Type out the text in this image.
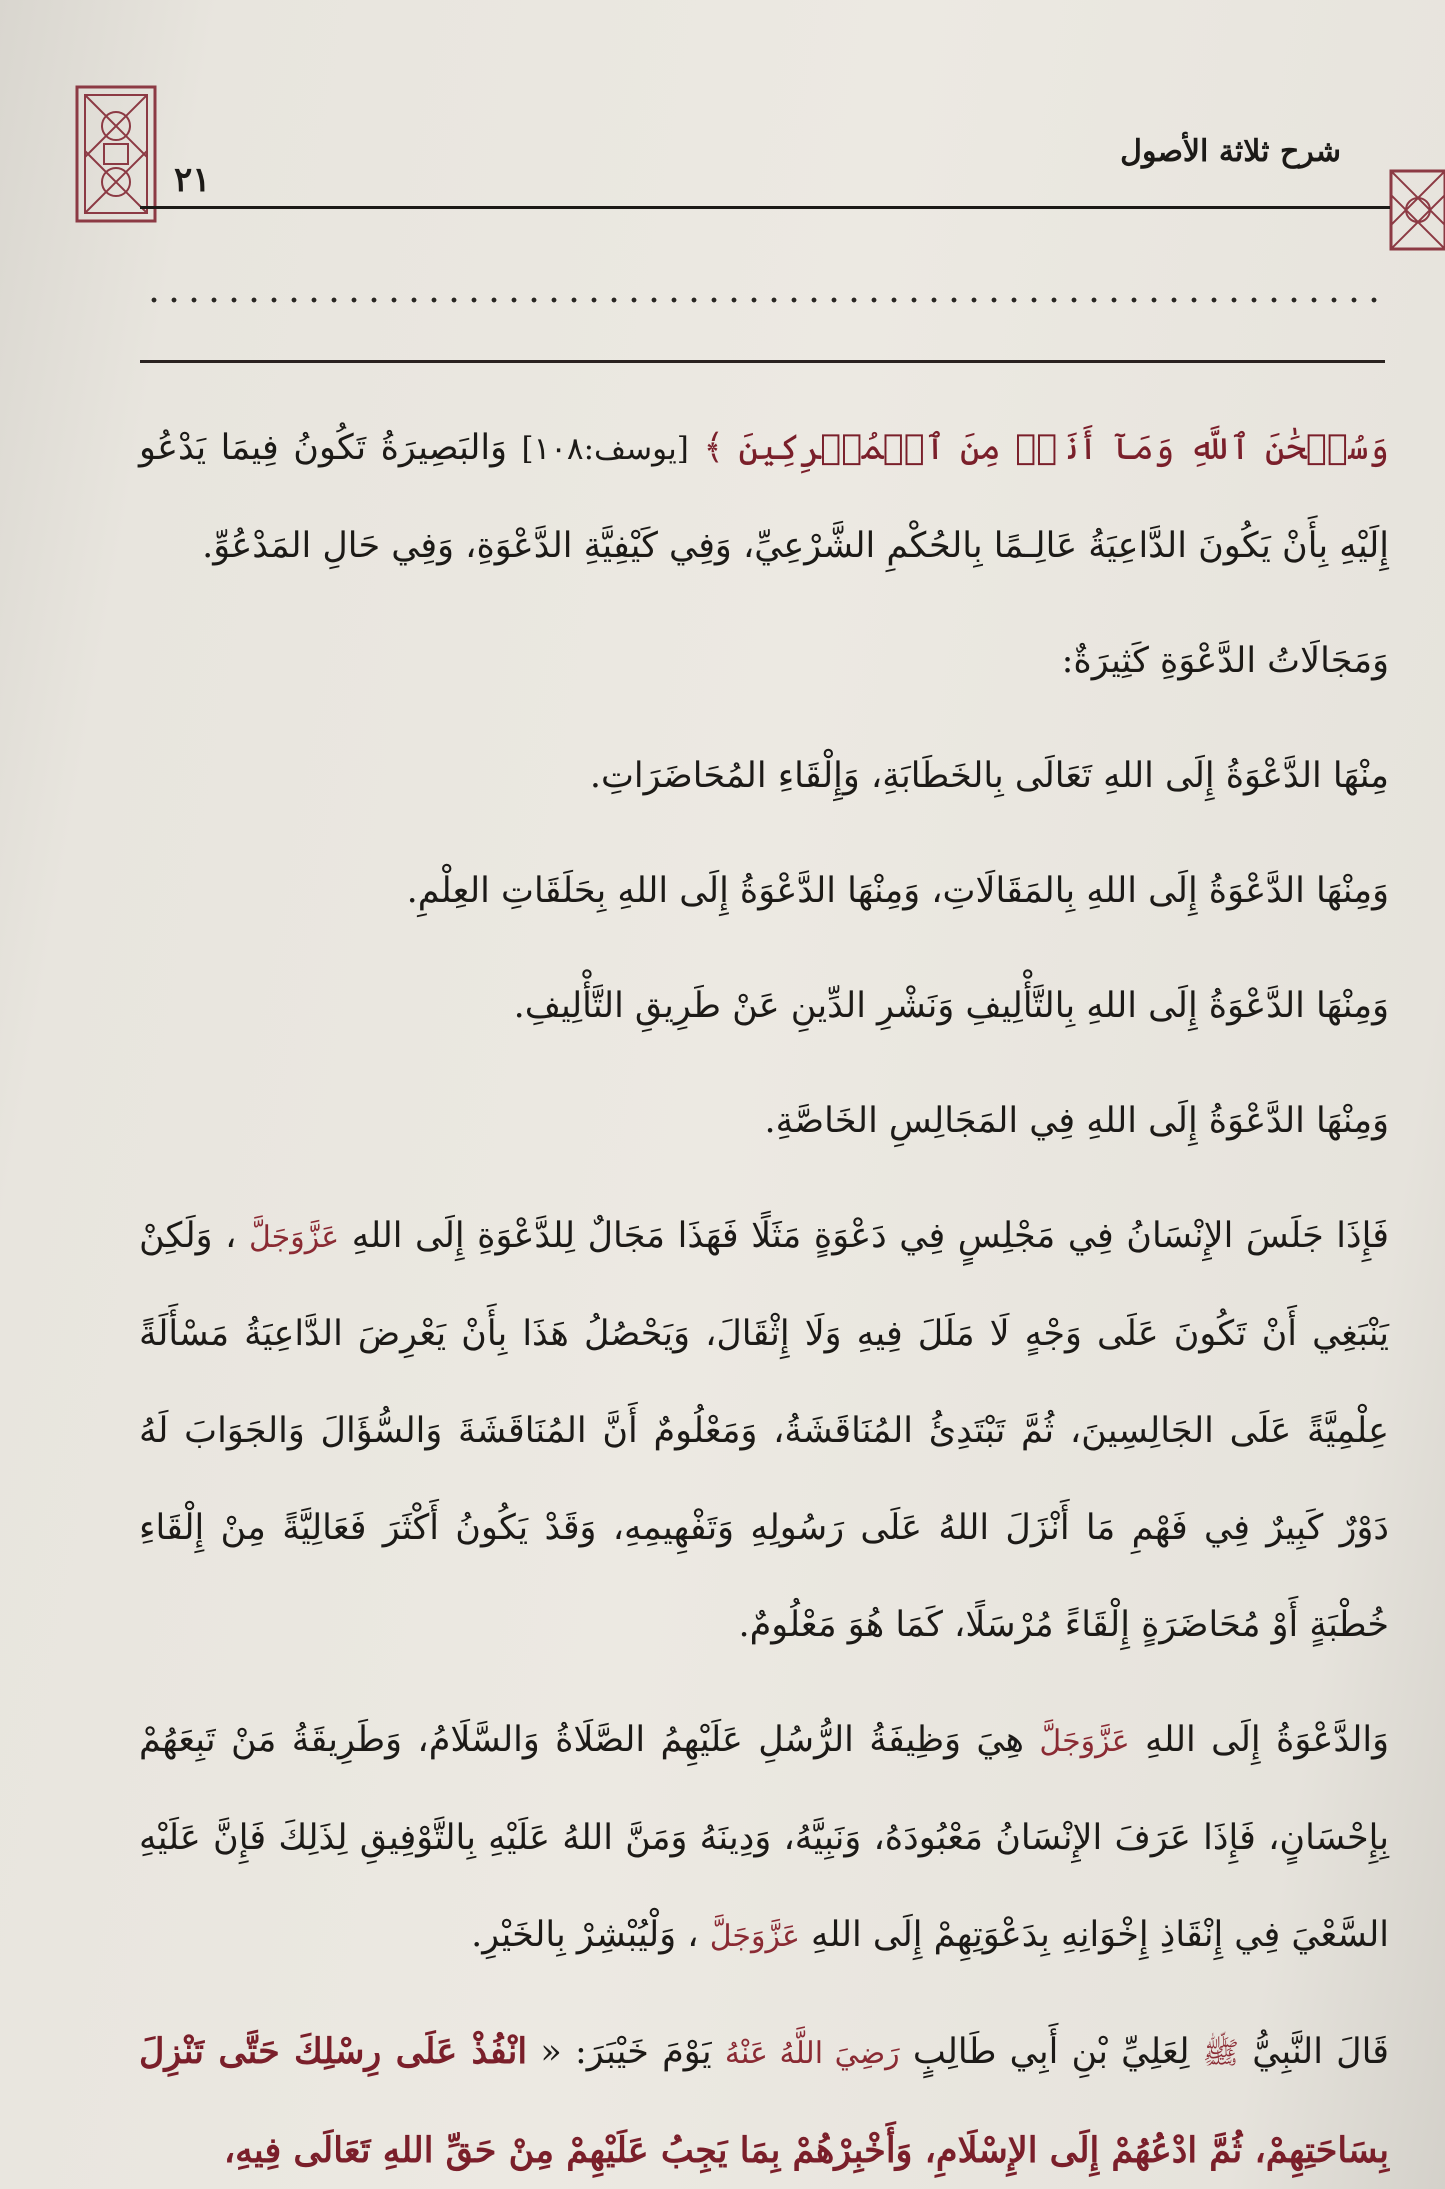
شرح ثلاثة الأصول
٢١

وَسُبۡحَٰنَ ٱللَّهِ وَمَآ أَنَا۠ مِنَ ٱلۡمُشۡرِكِينَ ﴾ [يوسف:١٠٨] وَالبَصِيرَةُ تَكُونُ فِيمَا يَدْعُو إِلَيْهِ بِأَنْ يَكُونَ الدَّاعِيَةُ عَالِـمًا بِالحُكْمِ الشَّرْعِيِّ، وَفِي كَيْفِيَّةِ الدَّعْوَةِ، وَفِي حَالِ المَدْعُوِّ.

وَمَجَالَاتُ الدَّعْوَةِ كَثِيرَةٌ:

مِنْهَا الدَّعْوَةُ إِلَى اللهِ تَعَالَى بِالخَطَابَةِ، وَإِلْقَاءِ المُحَاضَرَاتِ.

وَمِنْهَا الدَّعْوَةُ إِلَى اللهِ بِالمَقَالَاتِ، وَمِنْهَا الدَّعْوَةُ إِلَى اللهِ بِحَلَقَاتِ العِلْمِ.

وَمِنْهَا الدَّعْوَةُ إِلَى اللهِ بِالتَّأْلِيفِ وَنَشْرِ الدِّينِ عَنْ طَرِيقِ التَّأْلِيفِ.

وَمِنْهَا الدَّعْوَةُ إِلَى اللهِ فِي المَجَالِسِ الخَاصَّةِ.

فَإِذَا جَلَسَ الإِنْسَانُ فِي مَجْلِسٍ فِي دَعْوَةٍ مَثَلًا فَهَذَا مَجَالٌ لِلدَّعْوَةِ إِلَى اللهِ عَزَّوَجَلَّ ، وَلَكِنْ يَنْبَغِي أَنْ تَكُونَ عَلَى وَجْهٍ لَا مَلَلَ فِيهِ وَلَا إِثْقَالَ، وَيَحْصُلُ هَذَا بِأَنْ يَعْرِضَ الدَّاعِيَةُ مَسْأَلَةً عِلْمِيَّةً عَلَى الجَالِسِينَ، ثُمَّ تَبْتَدِئُ المُنَاقَشَةُ، وَمَعْلُومٌ أَنَّ المُنَاقَشَةَ وَالسُّؤَالَ وَالجَوَابَ لَهُ دَوْرٌ كَبِيرٌ فِي فَهْمِ مَا أَنْزَلَ اللهُ عَلَى رَسُولِهِ وَتَفْهِيمِهِ، وَقَدْ يَكُونُ أَكْثَرَ فَعَالِيَّةً مِنْ إِلْقَاءِ خُطْبَةٍ أَوْ مُحَاضَرَةٍ إِلْقَاءً مُرْسَلًا، كَمَا هُوَ مَعْلُومٌ.

وَالدَّعْوَةُ إِلَى اللهِ عَزَّوَجَلَّ هِيَ وَظِيفَةُ الرُّسُلِ عَلَيْهِمُ الصَّلَاةُ وَالسَّلَامُ، وَطَرِيقَةُ مَنْ تَبِعَهُمْ بِإِحْسَانٍ، فَإِذَا عَرَفَ الإِنْسَانُ مَعْبُودَهُ، وَنَبِيَّهُ، وَدِينَهُ وَمَنَّ اللهُ عَلَيْهِ بِالتَّوْفِيقِ لِذَلِكَ فَإِنَّ عَلَيْهِ السَّعْيَ فِي إِنْقَاذِ إِخْوَانِهِ بِدَعْوَتِهِمْ إِلَى اللهِ عَزَّوَجَلَّ ، وَلْيُبْشِرْ بِالخَيْرِ.

قَالَ النَّبِيُّ ﷺ لِعَلِيِّ بْنِ أَبِي طَالِبٍ رَضِيَ اللَّهُ عَنْهُ يَوْمَ خَيْبَرَ: « انْفُذْ عَلَى رِسْلِكَ حَتَّى تَنْزِلَ بِسَاحَتِهِمْ، ثُمَّ ادْعُهُمْ إِلَى الإِسْلَامِ، وَأَخْبِرْهُمْ بِمَا يَجِبُ عَلَيْهِمْ مِنْ حَقِّ اللهِ تَعَالَى فِيهِ،
